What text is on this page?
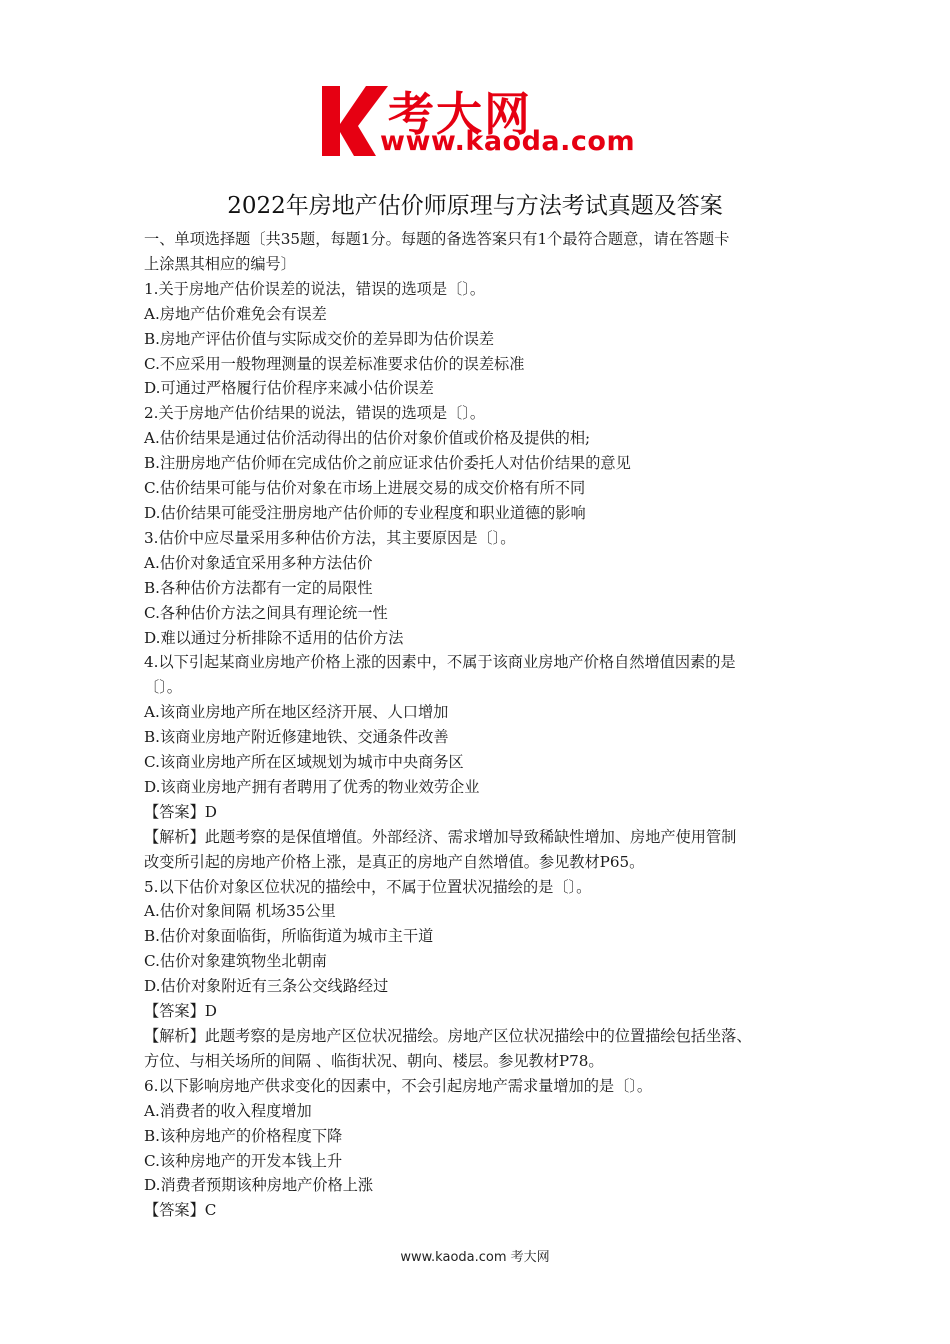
考大网
www.kaoda.com
2022年房地产估价师原理与方法考试真题及答案

一、单项选择题〔共35题，每题1分。每题的备选答案只有1个最符合题意，请在答题卡

上涂黑其相应的编号〕

1.关于房地产估价误差的说法，错误的选项是〔〕。

A.房地产估价难免会有误差

B.房地产评估价值与实际成交价的差异即为估价误差

C.不应采用一般物理测量的误差标准要求估价的误差标准

D.可通过严格履行估价程序来减小估价误差

2.关于房地产估价结果的说法，错误的选项是〔〕。

A.估价结果是通过估价活动得出的估价对象价值或价格及提供的相;

B.注册房地产估价师在完成估价之前应证求估价委托人对估价结果的意见

C.估价结果可能与估价对象在市场上进展交易的成交价格有所不同

D.估价结果可能受注册房地产估价师的专业程度和职业道德的影响

3.估价中应尽量采用多种估价方法，其主要原因是〔〕。

A.估价对象适宜采用多种方法估价

B.各种估价方法都有一定的局限性

C.各种估价方法之间具有理论统一性

D.难以通过分析排除不适用的估价方法

4.以下引起某商业房地产价格上涨的因素中，不属于该商业房地产价格自然增值因素的是

〔〕。

A.该商业房地产所在地区经济开展、人口增加

B.该商业房地产附近修建地铁、交通条件改善

C.该商业房地产所在区域规划为城市中央商务区

D.该商业房地产拥有者聘用了优秀的物业效劳企业

【答案】D

【解析】此题考察的是保值增值。外部经济、需求增加导致稀缺性增加、房地产使用管制

改变所引起的房地产价格上涨，是真正的房地产自然增值。参见教材P65。

5.以下估价对象区位状况的描绘中，不属于位置状况描绘的是〔〕。

A.估价对象间隔 机场35公里

B.估价对象面临街，所临街道为城市主干道

C.估价对象建筑物坐北朝南

D.估价对象附近有三条公交线路经过

【答案】D

【解析】此题考察的是房地产区位状况描绘。房地产区位状况描绘中的位置描绘包括坐落、

方位、与相关场所的间隔 、临街状况、朝向、楼层。参见教材P78。

6.以下影响房地产供求变化的因素中，不会引起房地产需求量增加的是〔〕。

A.消费者的收入程度增加

B.该种房地产的价格程度下降

C.该种房地产的开发本钱上升

D.消费者预期该种房地产价格上涨

【答案】C

www.kaoda.com 考大网
